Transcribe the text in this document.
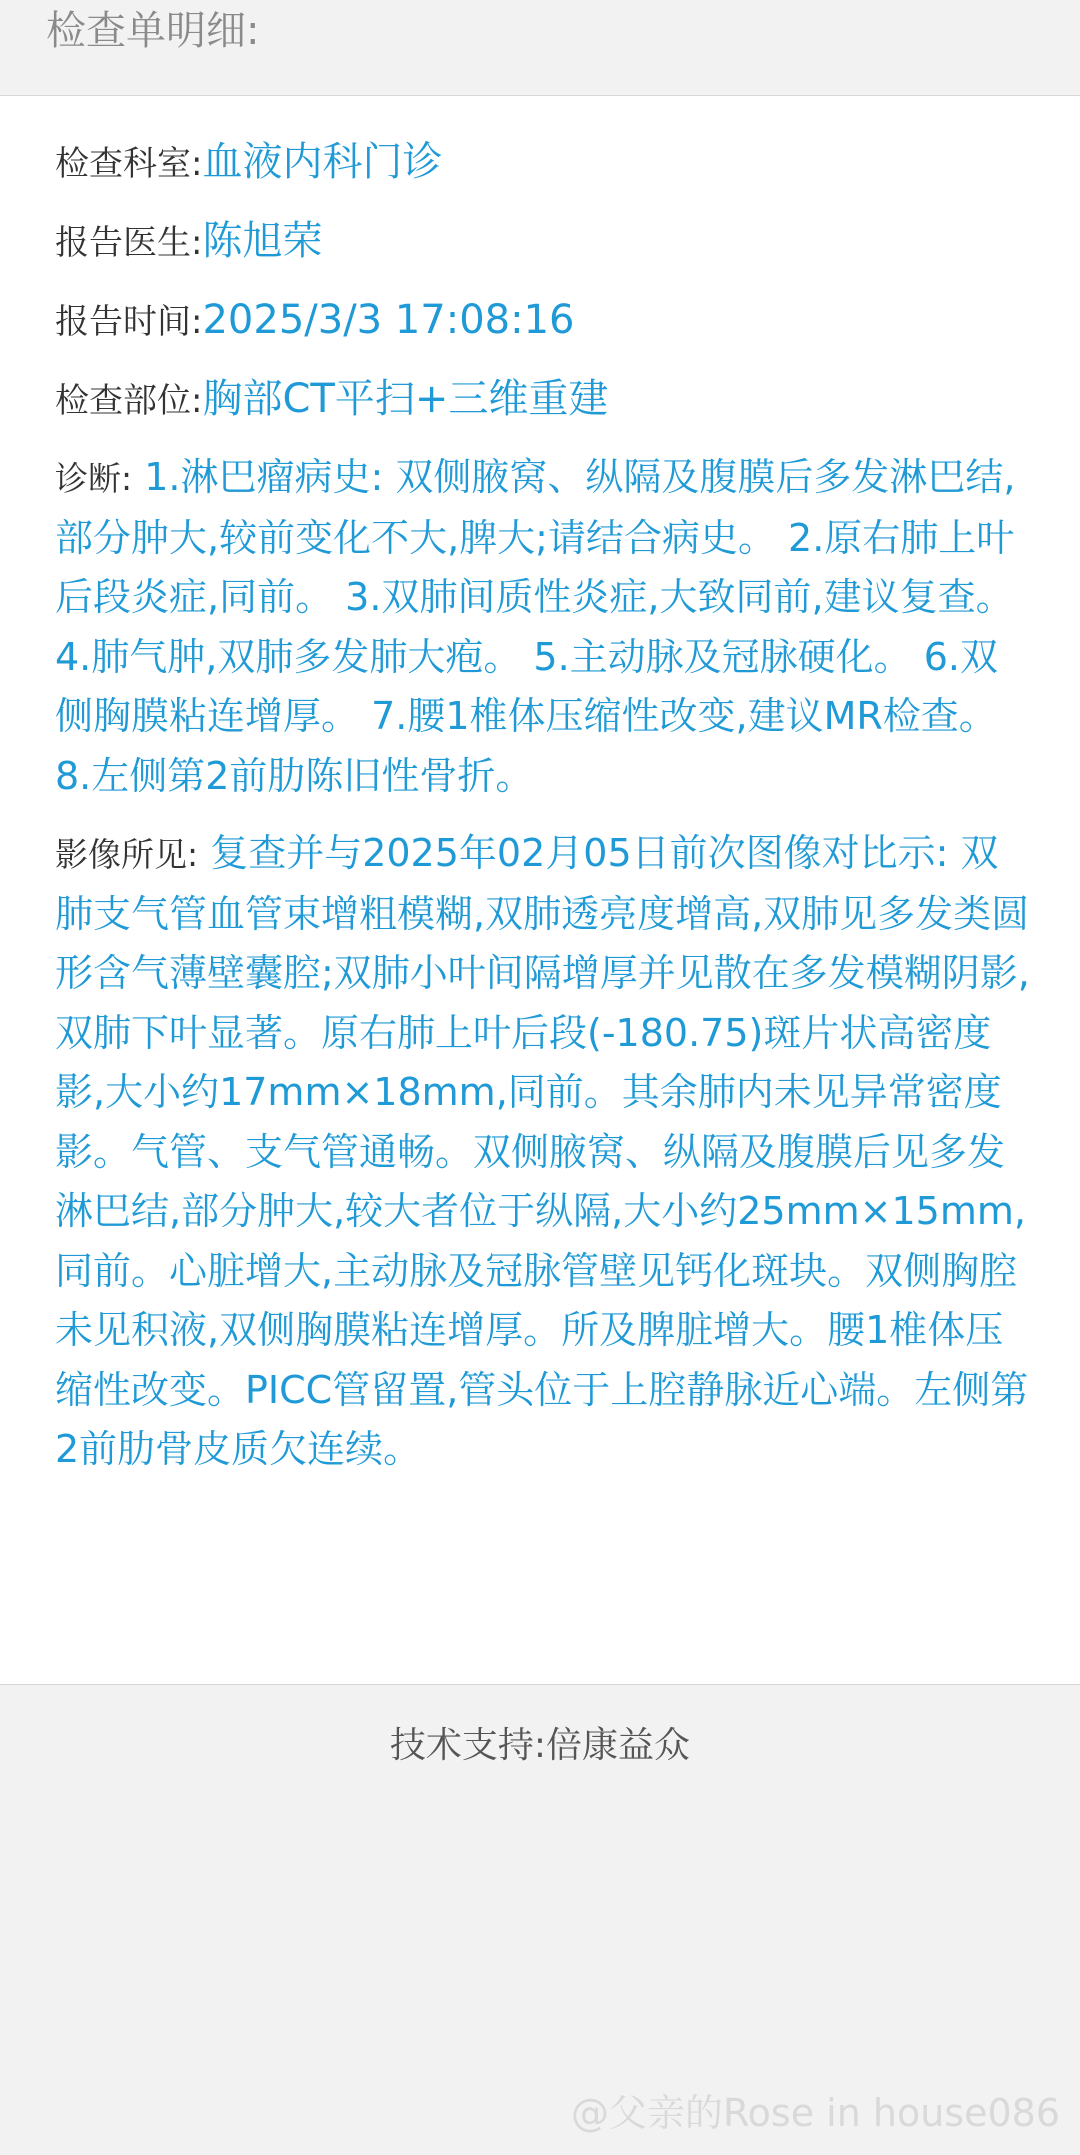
检查单明细:
检查科室: 血液内科门诊
报告医生: 陈旭荣
报告时间: 2025/3/3 17:08:16
检查部位: 胸部CT平扫+三维重建
诊断: 1.淋巴瘤病史: 双侧腋窝、纵隔及腹膜后多发淋巴结,部分肿大,较前变化不大,脾大;请结合病史。 2.原右肺上叶后段炎症,同前。 3.双肺间质性炎症,大致同前,建议复查。 4.肺气肿,双肺多发肺大疱。 5.主动脉及冠脉硬化。 6.双侧胸膜粘连增厚。 7.腰1椎体压缩性改变,建议MR检查。 8.左侧第2前肋陈旧性骨折。
影像所见: 复查并与2025年02月05日前次图像对比示: 双肺支气管血管束增粗模糊,双肺透亮度增高,双肺见多发类圆形含气薄壁囊腔;双肺小叶间隔增厚并见散在多发模糊阴影,双肺下叶显著。原右肺上叶后段(-180.75)斑片状高密度影,大小约17mm×18mm,同前。其余肺内未见异常密度影。气管、支气管通畅。双侧腋窝、纵隔及腹膜后见多发淋巴结,部分肿大,较大者位于纵隔,大小约25mm×15mm,同前。心脏增大,主动脉及冠脉管壁见钙化斑块。双侧胸腔未见积液,双侧胸膜粘连增厚。所及脾脏增大。腰1椎体压缩性改变。PICC管留置,管头位于上腔静脉近心端。左侧第2前肋骨皮质欠连续。
技术支持:倍康益众
@父亲的Rose in house086
